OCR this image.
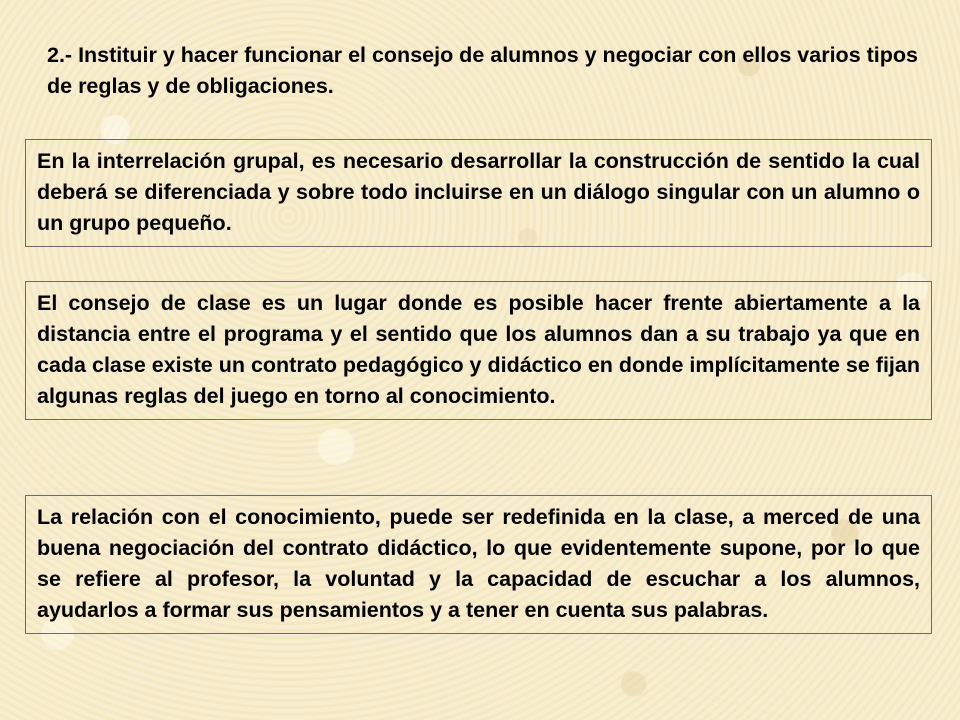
2.- Instituir y hacer funcionar el consejo de alumnos y negociar con ellos varios tipos de reglas y de obligaciones.
En la interrelación grupal, es necesario desarrollar la construcción de sentido la cual deberá se diferenciada y sobre todo incluirse en un diálogo singular con un alumno o un grupo pequeño.
El consejo de clase es un lugar donde es posible hacer frente abiertamente a la distancia entre el programa y el sentido que los alumnos dan a su trabajo ya que en cada clase existe un contrato pedagógico y didáctico en donde implícitamente se fijan algunas reglas del juego en torno al conocimiento.
La relación con el conocimiento, puede ser redefinida en la clase, a merced de una buena negociación del contrato didáctico, lo que evidentemente supone, por lo que se refiere al profesor, la voluntad y la capacidad de escuchar a los alumnos, ayudarlos a formar sus pensamientos y a tener en cuenta sus palabras.
